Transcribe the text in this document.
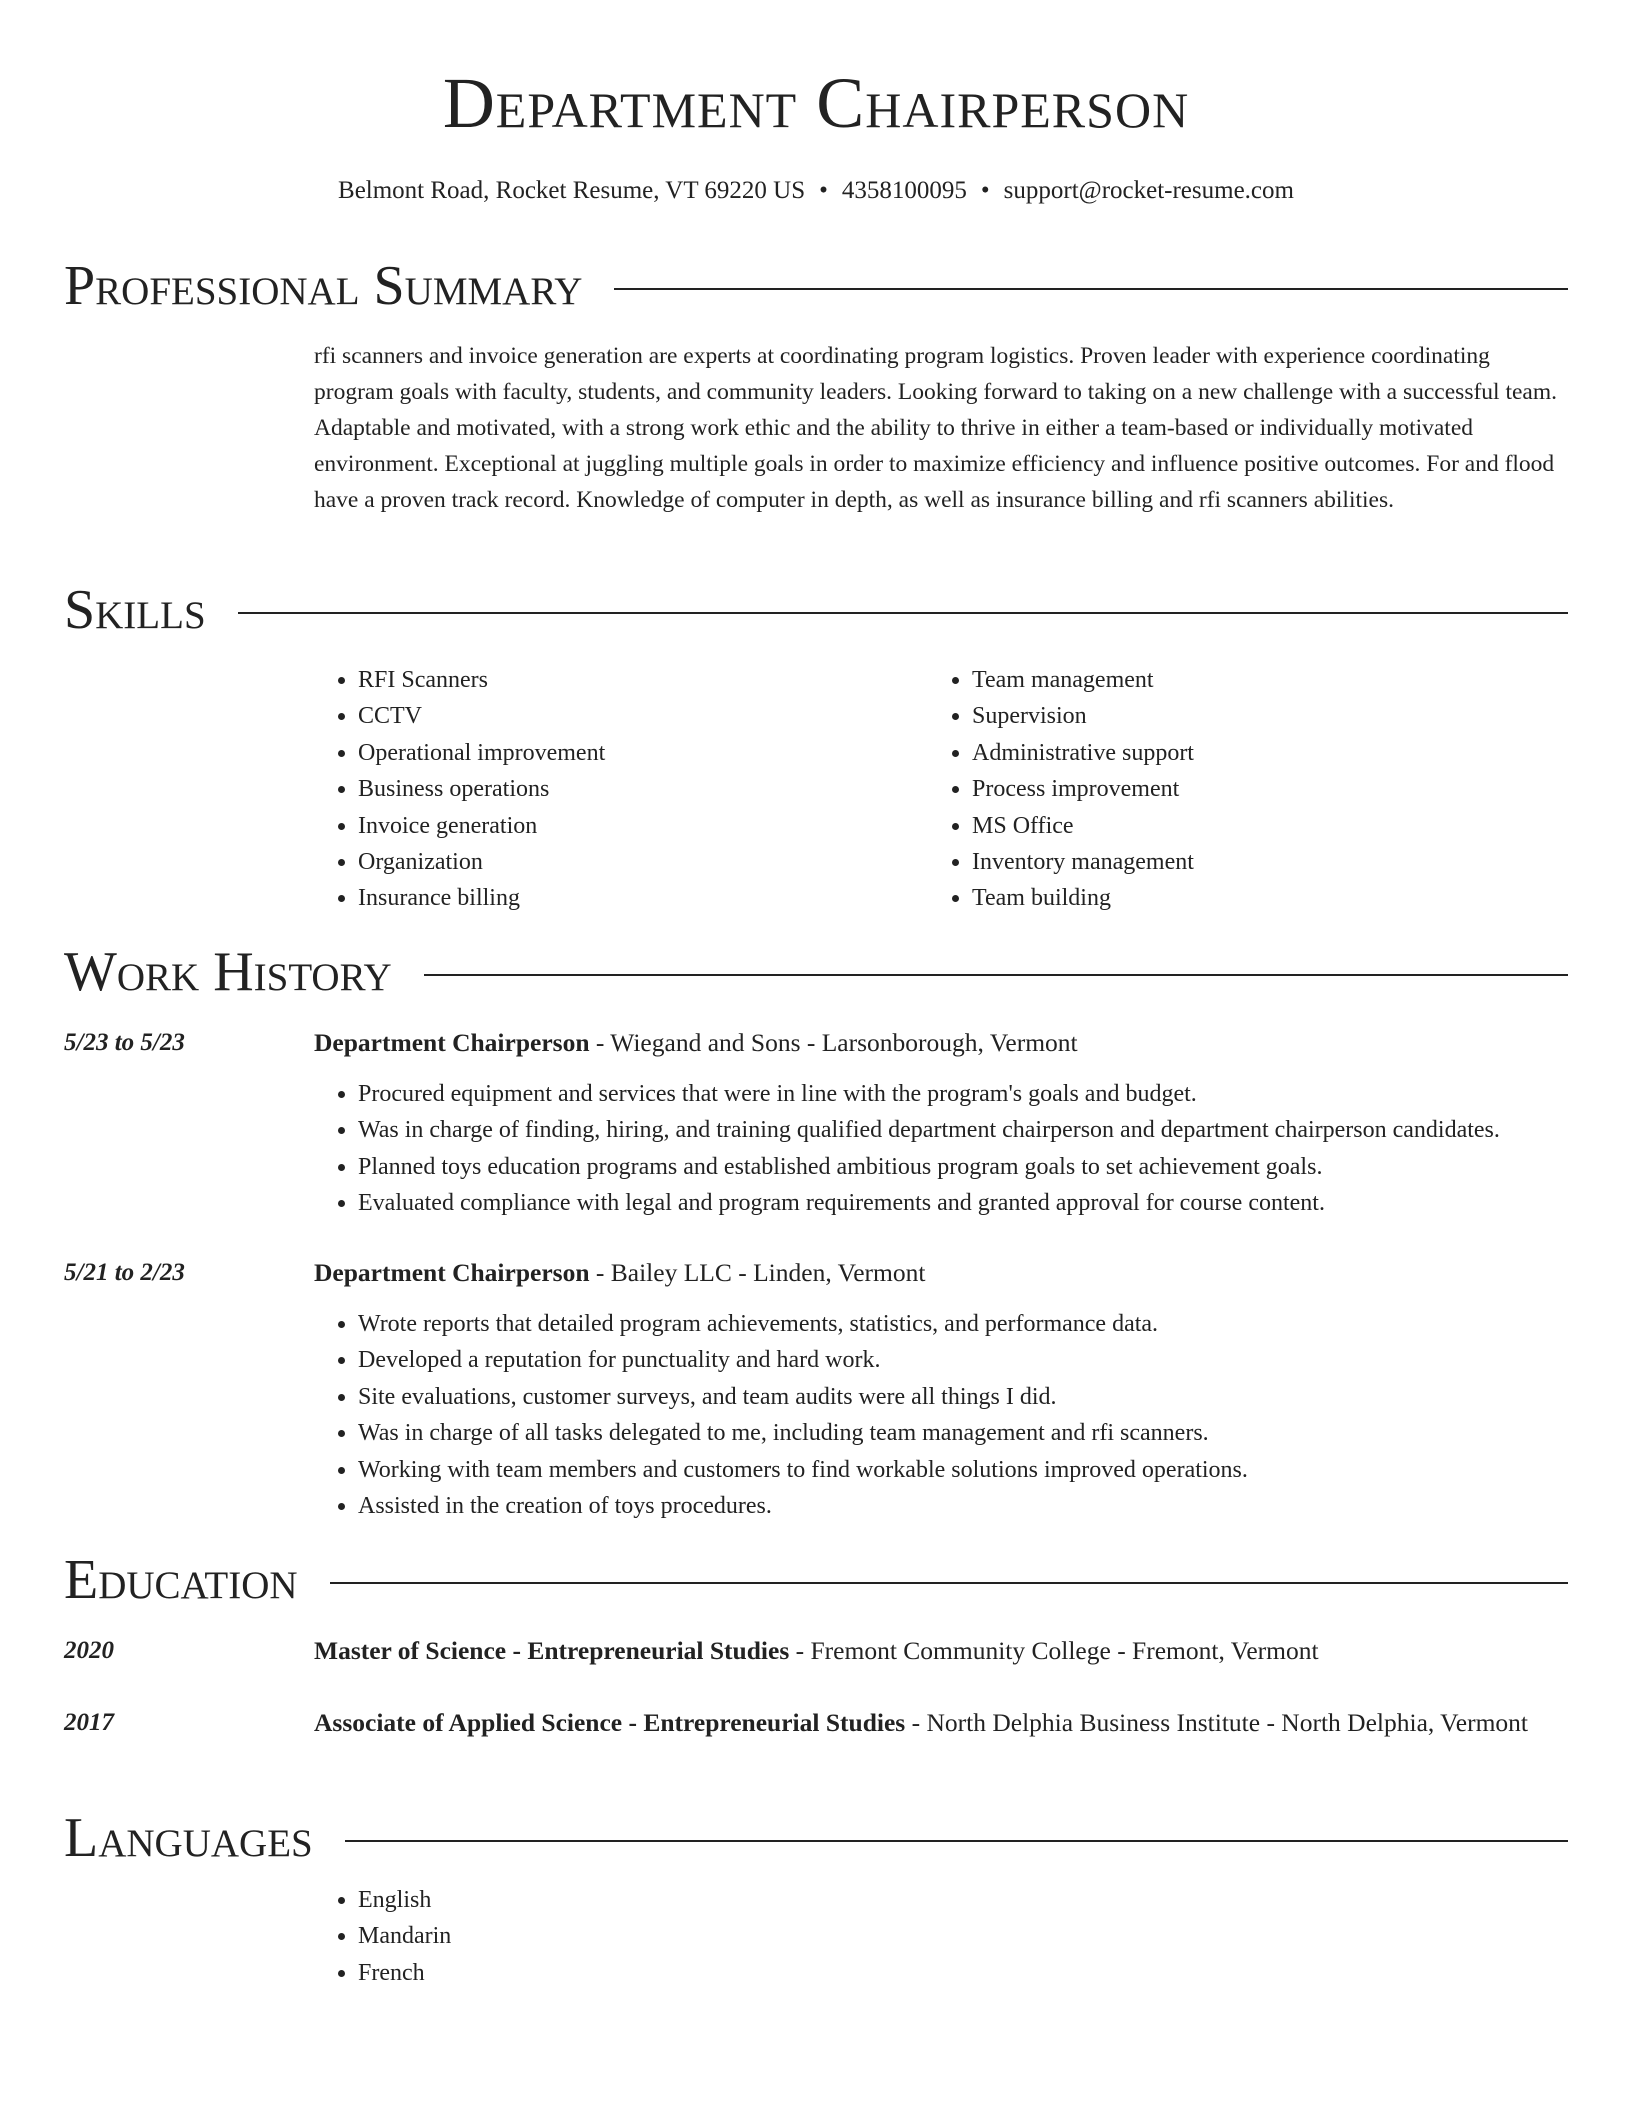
Department Chairperson
Belmont Road, Rocket Resume, VT 69220 US • 4358100095 • support@rocket-resume.com
Professional Summary

rfi scanners and invoice generation are experts at coordinating program logistics. Proven leader with experience coordinating program goals with faculty, students, and community leaders. Looking forward to taking on a new challenge with a successful team. Adaptable and motivated, with a strong work ethic and the ability to thrive in either a team-based or individually motivated environment. Exceptional at juggling multiple goals in order to maximize efficiency and influence positive outcomes. For and flood have a proven track record. Knowledge of computer in depth, as well as insurance billing and rfi scanners abilities.

Skills
• RFI Scanners
• CCTV
• Operational improvement
• Business operations
• Invoice generation
• Organization
• Insurance billing
• Team management
• Supervision
• Administrative support
• Process improvement
• MS Office
• Inventory management
• Team building
Work History
5/23 to 5/23	Department Chairperson - Wiegand and Sons - Larsonborough, Vermont
• Procured equipment and services that were in line with the program's goals and budget.
• Was in charge of finding, hiring, and training qualified department chairperson and department chairperson candidates.
• Planned toys education programs and established ambitious program goals to set achievement goals.
• Evaluated compliance with legal and program requirements and granted approval for course content.
5/21 to 2/23	Department Chairperson - Bailey LLC - Linden, Vermont
• Wrote reports that detailed program achievements, statistics, and performance data.
• Developed a reputation for punctuality and hard work.
• Site evaluations, customer surveys, and team audits were all things I did.
• Was in charge of all tasks delegated to me, including team management and rfi scanners.
• Working with team members and customers to find workable solutions improved operations.
• Assisted in the creation of toys procedures.
Education
2020	Master of Science - Entrepreneurial Studies - Fremont Community College - Fremont, Vermont
2017	Associate of Applied Science - Entrepreneurial Studies - North Delphia Business Institute - North Delphia, Vermont
Languages
• English
• Mandarin
• French
